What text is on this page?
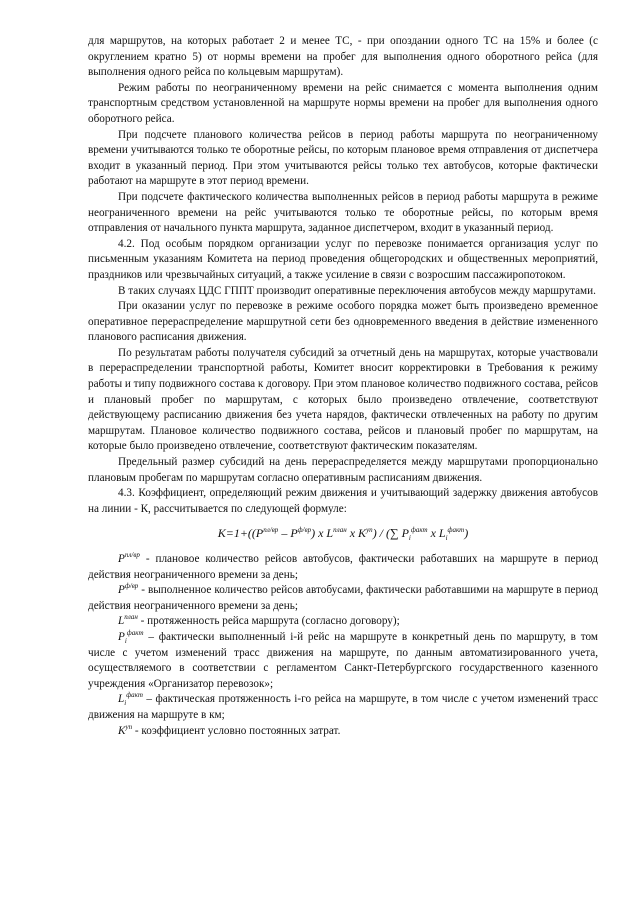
для маршрутов, на которых работает 2 и менее ТС, - при опоздании одного ТС на 15% и более (с округлением кратно 5) от нормы времени на пробег для выполнения одного оборотного рейса (для выполнения одного рейса по кольцевым маршрутам).

Режим работы по неограниченному времени на рейс снимается с момента выполнения одним транспортным средством установленной на маршруте нормы времени на пробег для выполнения одного оборотного рейса.

При подсчете планового количества рейсов в период работы маршрута по неограниченному времени учитываются только те оборотные рейсы, по которым плановое время отправления от диспетчера входит в указанный период. При этом учитываются рейсы только тех автобусов, которые фактически работают на маршруте в этот период времени.

При подсчете фактического количества выполненных рейсов в период работы маршрута в режиме неограниченного времени на рейс учитываются только те оборотные рейсы, по которым время отправления от начального пункта маршрута, заданное диспетчером, входит в указанный период.

4.2. Под особым порядком организации услуг по перевозке понимается организация услуг по письменным указаниям Комитета на период проведения общегородских и общественных мероприятий, праздников или чрезвычайных ситуаций, а также усиление в связи с возросшим пассажиропотоком.

В таких случаях ЦДС ГППТ производит оперативные переключения автобусов между маршрутами.

При оказании услуг по перевозке в режиме особого порядка может быть произведено временное оперативное перераспределение маршрутной сети без одновременного введения в действие измененного планового расписания движения.

По результатам работы получателя субсидий за отчетный день на маршрутах, которые участвовали в перераспределении транспортной работы, Комитет вносит корректировки в Требования к режиму работы и типу подвижного состава к договору. При этом плановое количество подвижного состава, рейсов и плановый пробег по маршрутам, с которых было произведено отвлечение, соответствуют действующему расписанию движения без учета нарядов, фактически отвлеченных на работу по другим маршрутам. Плановое количество подвижного состава, рейсов и плановый пробег по маршрутам, на которые было произведено отвлечение, соответствуют фактическим показателям.

Предельный размер субсидий на день перераспределяется между маршрутами пропорционально плановым пробегам по маршрутам согласно оперативным расписаниям движения.

4.3. Коэффициент, определяющий режим движения и учитывающий задержку движения автобусов на линии - К, рассчитывается по следующей формуле:

$K=1+((P^{пл/вр} - P^{ф/вр})$ x $L^{план}$ x $K^{уп}$) / (∑ $P_i^{факт}$ x $L_i^{факт}$)

$P^{пл/вр}$ - плановое количество рейсов автобусов, фактически работавших на маршруте в период действия неограниченного времени за день;

$P^{ф/вр}$ - выполненное количество рейсов автобусами, фактически работавшими на маршруте в период действия неограниченного времени за день;

$L^{план}$ - протяженность рейса маршрута (согласно договору);

$P_i^{факт}$ – фактически выполненный i-й рейс на маршруте в конкретный день по маршруту, в том числе с учетом изменений трасс движения на маршруте, по данным автоматизированного учета, осуществляемого в соответствии с регламентом Санкт-Петербургского государственного казенного учреждения «Организатор перевозок»;

$L_i^{факт}$ – фактическая протяженность i-го рейса на маршруте, в том числе с учетом изменений трасс движения на маршруте в км;

$K^{уп}$ - коэффициент условно постоянных затрат.
